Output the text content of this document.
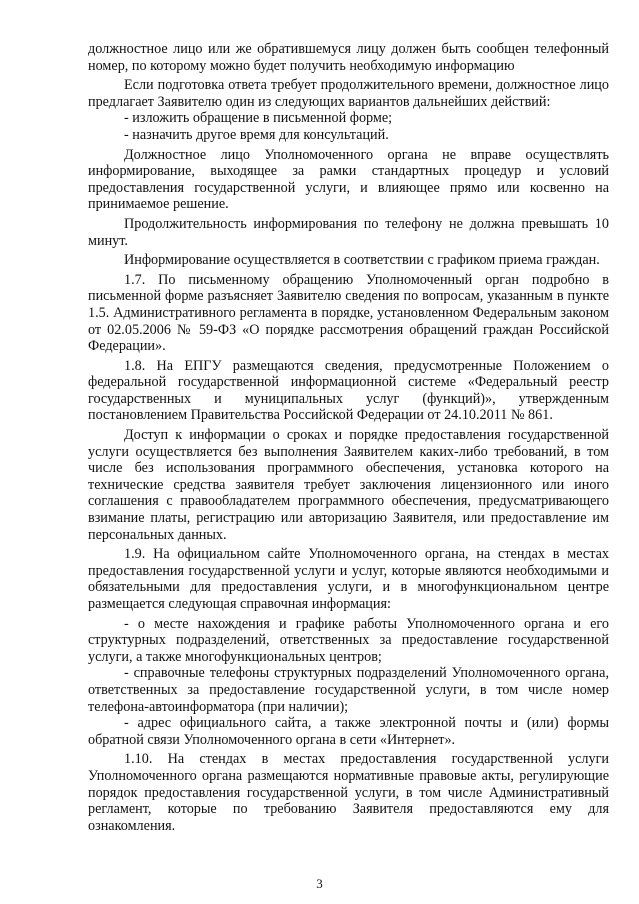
должностное лицо или же обратившемуся лицу должен быть сообщен телефонный номер, по которому можно будет получить необходимую информацию

Если подготовка ответа требует продолжительного времени, должностное лицо предлагает Заявителю один из следующих вариантов дальнейших действий:

- изложить обращение в письменной форме;

- назначить другое время для консультаций.

Должностное лицо Уполномоченного органа не вправе осуществлять информирование, выходящее за рамки стандартных процедур и условий предоставления государственной услуги, и влияющее прямо или косвенно на принимаемое решение.

Продолжительность информирования по телефону не должна превышать 10 минут.

Информирование осуществляется в соответствии с графиком приема граждан.

1.7. По письменному обращению Уполномоченный орган подробно в письменной форме разъясняет Заявителю сведения по вопросам, указанным в пункте 1.5. Административного регламента в порядке, установленном Федеральным законом от 02.05.2006 № 59-ФЗ «О порядке рассмотрения обращений граждан Российской Федерации».

1.8. На ЕПГУ размещаются сведения, предусмотренные Положением о федеральной государственной информационной системе «Федеральный реестр государственных и муниципальных услуг (функций)», утвержденным постановлением Правительства Российской Федерации от 24.10.2011 № 861.

Доступ к информации о сроках и порядке предоставления государственной услуги осуществляется без выполнения Заявителем каких-либо требований, в том числе без использования программного обеспечения, установка которого на технические средства заявителя требует заключения лицензионного или иного соглашения с правообладателем программного обеспечения, предусматривающего взимание платы, регистрацию или авторизацию Заявителя, или предоставление им персональных данных.

1.9. На официальном сайте Уполномоченного органа, на стендах в местах предоставления государственной услуги и услуг, которые являются необходимыми и обязательными для предоставления услуги, и в многофункциональном центре размещается следующая справочная информация:

- о месте нахождения и графике работы Уполномоченного органа и его структурных подразделений, ответственных за предоставление государственной услуги, а также многофункциональных центров;

- справочные телефоны структурных подразделений Уполномоченного органа, ответственных за предоставление государственной услуги, в том числе номер телефона-автоинформатора (при наличии);

- адрес официального сайта, а также электронной почты и (или) формы обратной связи Уполномоченного органа в сети «Интернет».

1.10. На стендах в местах предоставления государственной услуги Уполномоченного органа размещаются нормативные правовые акты, регулирующие порядок предоставления государственной услуги, в том числе Административный регламент, которые по требованию Заявителя предоставляются ему для ознакомления.

3
